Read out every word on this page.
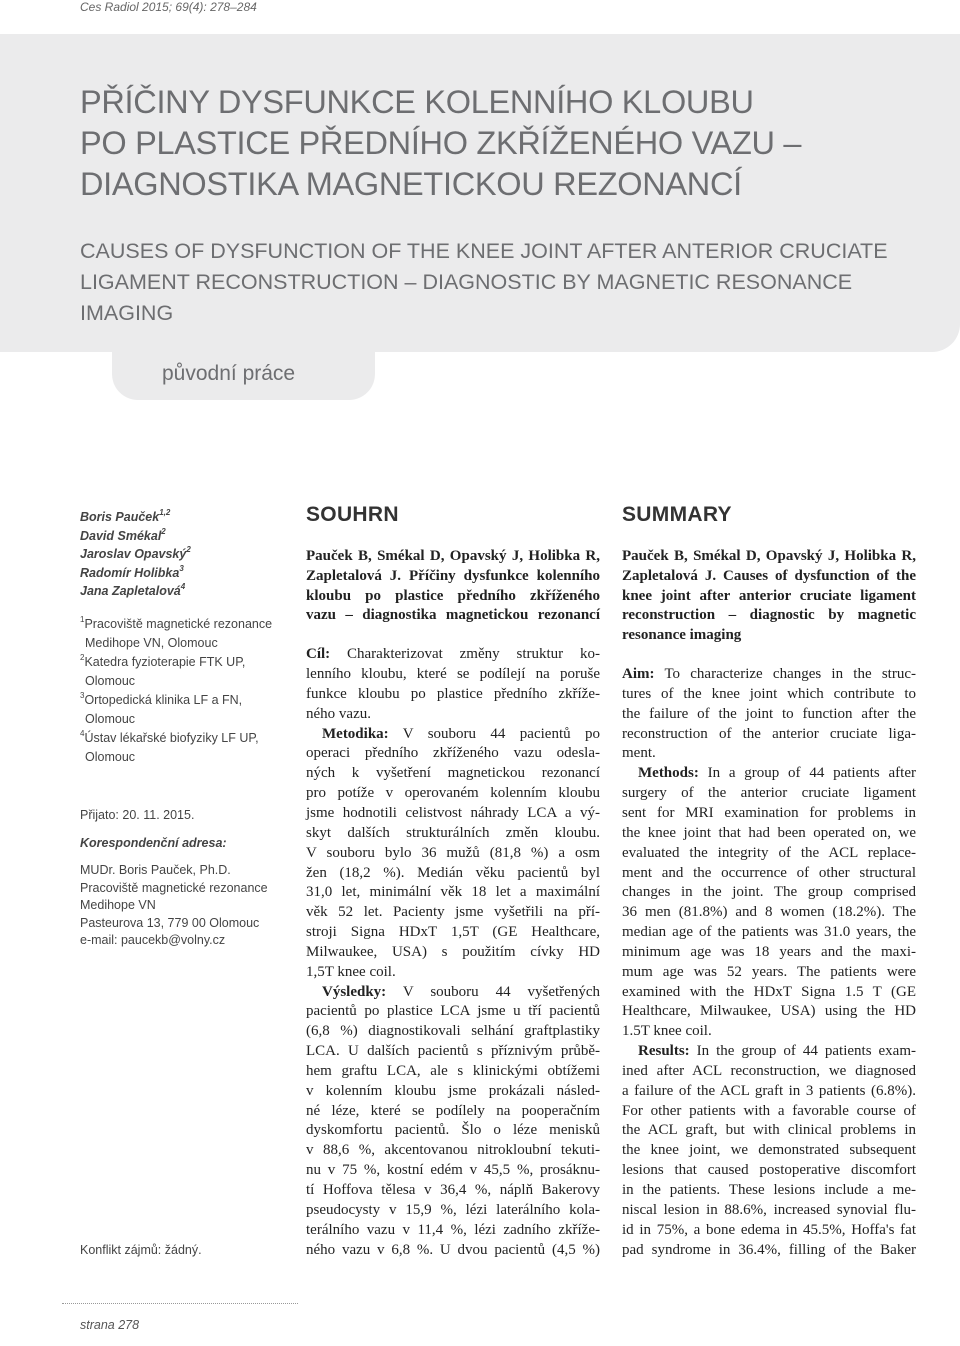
Ces Radiol 2015; 69(4): 278–284
PŘÍČINY DYSFUNKCE KOLENNÍHO KLOUBU
PO PLASTICE PŘEDNÍHO ZKŘÍŽENÉHO VAZU –
DIAGNOSTIKA MAGNETICKOU REZONANCÍ
CAUSES OF DYSFUNCTION OF THE KNEE JOINT AFTER ANTERIOR CRUCIATE
LIGAMENT RECONSTRUCTION – DIAGNOSTIC BY MAGNETIC RESONANCE
IMAGING
původní práce
Boris Pauček$^{1,2}$
David Smékal$^2$
Jaroslav Opavský$^2$
Radomír Holibka$^3$
Jana Zapletalová$^4$
$^1$Pracoviště magnetické rezonance
Medihope VN, Olomouc
$^2$Katedra fyzioterapie FTK UP,
Olomouc
$^3$Ortopedická klinika LF a FN,
Olomouc
$^4$Ústav lékařské biofyziky LF UP,
Olomouc
Přijato: 20. 11. 2015.
Korespondenční adresa:
MUDr. Boris Pauček, Ph.D.
Pracoviště magnetické rezonance
Medihope VN
Pasteurova 13, 779 00 Olomouc
e-mail: paucekb@volny.cz
Konflikt zájmů: žádný.
SOUHRN
Pauček B, Smékal D, Opavský J, Holibka R,
Zapletalová J. Příčiny dysfunkce kolenního
kloubu po plastice předního zkříženého
vazu – diagnostika magnetickou rezonancí
Cíl: Charakterizovat změny struktur ko-
lenního kloubu, které se podílejí na poruše
funkce kloubu po plastice předního zkříže-
ného vazu.
Metodika: V souboru 44 pacientů po
operaci předního zkříženého vazu odesla-
ných k vyšetření magnetickou rezonancí
pro potíže v operovaném kolenním kloubu
jsme hodnotili celistvost náhrady LCA a vý-
skyt dalších strukturálních změn kloubu.
V souboru bylo 36 mužů (81,8 %) a osm
žen (18,2 %). Medián věku pacientů byl
31,0 let, minimální věk 18 let a maximální
věk 52 let. Pacienty jsme vyšetřili na pří-
stroji Signa HDxT 1,5T (GE Healthcare,
Milwaukee, USA) s použitím cívky HD
1,5T knee coil.
Výsledky: V souboru 44 vyšetřených
pacientů po plastice LCA jsme u tří pacientů
(6,8 %) diagnostikovali selhání graftplastiky
LCA. U dalších pacientů s příznivým průbě-
hem graftu LCA, ale s klinickými obtížemi
v kolenním kloubu jsme prokázali násled-
né léze, které se podílely na pooperačním
dyskomfortu pacientů. Šlo o léze menisků
v 88,6 %, akcentovanou nitrokloubní tekuti-
nu v 75 %, kostní edém v 45,5 %, prosáknu-
tí Hoffova tělesa v 36,4 %, náplň Bakerovy
pseudocysty v 15,9 %, lézi laterálního kola-
terálního vazu v 11,4 %, lézi zadního zkříže-
ného vazu v 6,8 %. U dvou pacientů (4,5 %)
SUMMARY
Pauček B, Smékal D, Opavský J, Holibka R,
Zapletalová J. Causes of dysfunction of the
knee joint after anterior cruciate ligament
reconstruction – diagnostic by magnetic
resonance imaging
Aim: To characterize changes in the struc-
tures of the knee joint which contribute to
the failure of the joint to function after the
reconstruction of the anterior cruciate liga-
ment.
Methods: In a group of 44 patients after
surgery of the anterior cruciate ligament
sent for MRI examination for problems in
the knee joint that had been operated on, we
evaluated the integrity of the ACL replace-
ment and the occurrence of other structural
changes in the joint. The group comprised
36 men (81.8%) and 8 women (18.2%). The
median age of the patients was 31.0 years, the
minimum age was 18 years and the maxi-
mum age was 52 years. The patients were
examined with the HDxT Signa 1.5 T (GE
Healthcare, Milwaukee, USA) using the HD
1.5T knee coil.
Results: In the group of 44 patients exam-
ined after ACL reconstruction, we diagnosed
a failure of the ACL graft in 3 patients (6.8%).
For other patients with a favorable course of
the ACL graft, but with clinical problems in
the knee joint, we demonstrated subsequent
lesions that caused postoperative discomfort
in the patients. These lesions include a me-
niscal lesion in 88.6%, increased synovial flu-
id in 75%, a bone edema in 45.5%, Hoffa's fat
pad syndrome in 36.4%, filling of the Baker
strana 278
